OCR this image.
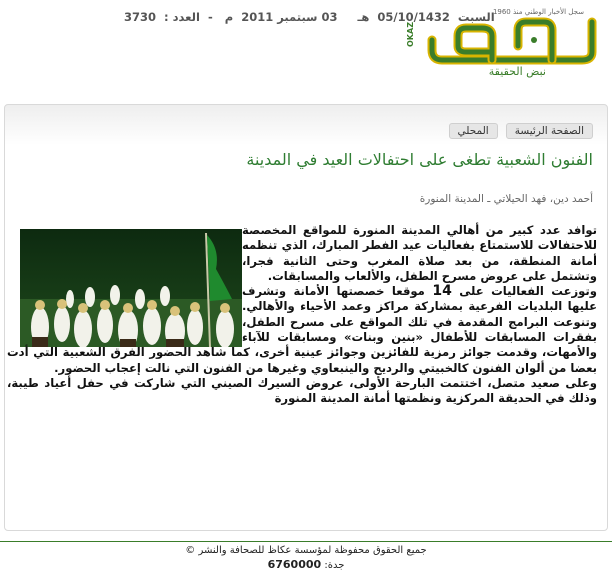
السبت 05/10/1432 هـ    03 سبتمبر 2011 م  -  العدد : 3730	سجل الأخبار الوطني منذ 1960
OKAZ
نبض الحقيقة
الصفحة الرئيسة
المحلي
الفنون الشعبية تطغى على احتفالات العيد في المدينة
أحمد دين، فهد الحيلاتي ـ المدينة المنورة

توافد عدد كبير من أهالي المدينة المنورة للمواقع المخصصة للاحتفالات للاستمتاع بفعاليات عيد الفطر المبارك، الذي تنظمه أمانة المنطقة، من بعد صلاة المغرب وحتى الثانية فجرا، وتشتمل على عروض مسرح الطفل، والألعاب والمسابقات.

وتوزعت الفعاليات على 14 موقعا خصصتها الأمانة وتشرف عليها البلديات الفرعية بمشاركة مراكز وعمد الأحياء والأهالي. وتنوعت البرامج المقدمة في تلك المواقع على مسرح الطفل، بفقرات المسابقات للأطفال «بنين وبنات» ومسابقات للآباء والأمهات، وقدمت جوائز رمزية للفائزين وجوائز عينية أخرى، كما شاهد الحضور الفرق الشعبية التي أدت بعضا من ألوان الفنون كالخبيتي والرديح والينبعاوي وغيرها من الفنون التي نالت إعجاب الحضور.

وعلى صعيد متصل، اختتمت البارحة الأولى، عروض السيرك الصيني التي شاركت في حفل أعياد طيبة، وذلك في الحديقة المركزية ونظمتها أمانة المدينة المنورة

جميع الحقوق محفوظة لمؤسسة عكاظ للصحافة والنشر ©
جدة: 6760000
